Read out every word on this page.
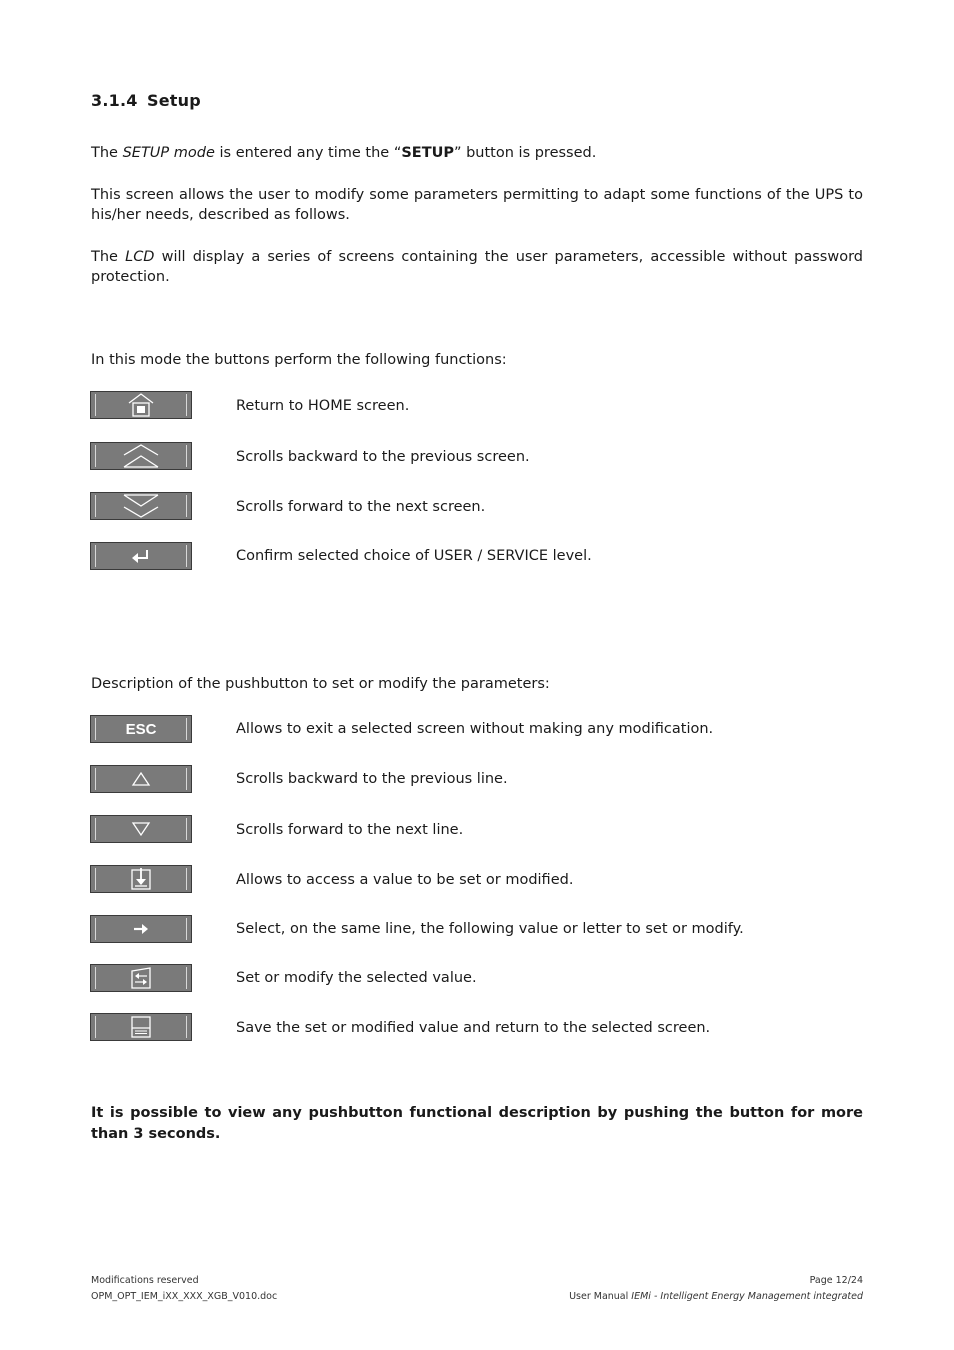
3.1.4 Setup
The SETUP mode is entered any time the “SETUP” button is pressed.
This screen allows the user to modify some parameters permitting to adapt some functions of the UPS to his/her needs, described as follows.
The LCD will display a series of screens containing the user parameters, accessible without password protection.
In this mode the buttons perform the following functions:
Return to HOME screen.
Scrolls backward to the previous screen.
Scrolls forward to the next screen.
Confirm selected choice of USER / SERVICE level.
Description of the pushbutton to set or modify the parameters:
ESC	Allows to exit a selected screen without making any modification.
Scrolls backward to the previous line.
Scrolls forward to the next line.
Allows to access a value to be set or modified.
Select, on the same line, the following value or letter to set or modify.
Set or modify the selected value.
Save the set or modified value and return to the selected screen.
It is possible to view any pushbutton functional description by pushing the button for more than 3 seconds.
Modifications reserved
OPM_OPT_IEM_iXX_XXX_XGB_V010.doc
Page 12/24
User Manual IEMi - Intelligent Energy Management integrated
